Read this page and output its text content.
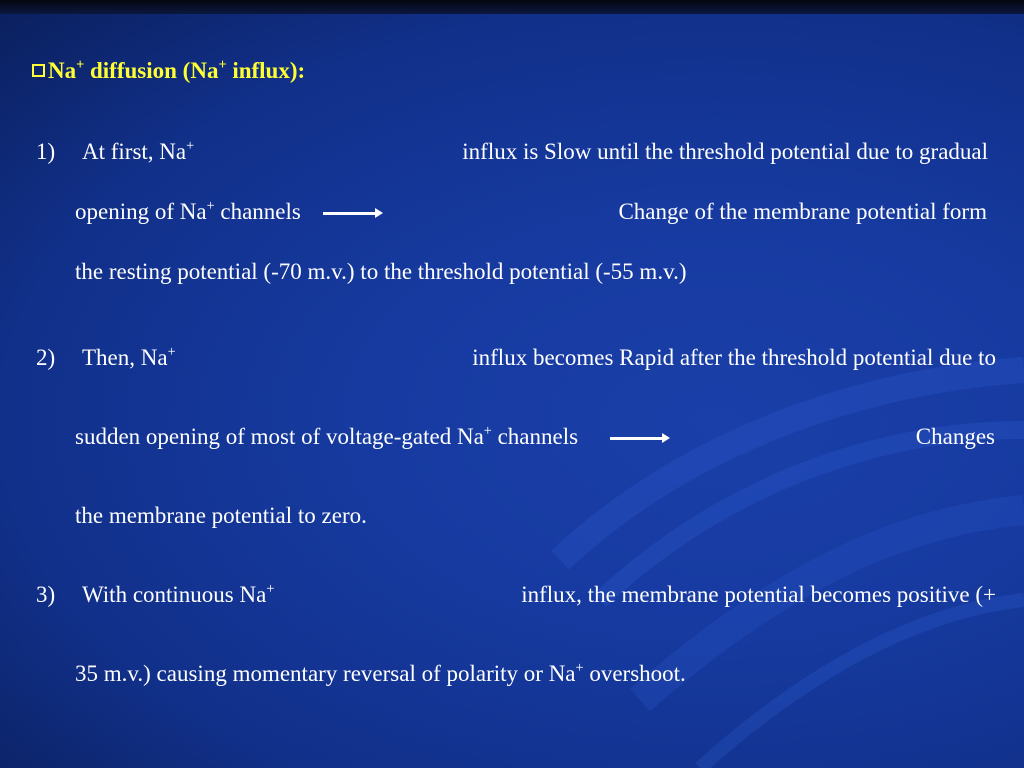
Na+ diffusion (Na+ influx):
1) At first, Na+	influx is Slow until the threshold potential due to gradual
opening of Na+ channels	Change of the membrane potential form
the resting potential (-70 m.v.) to the threshold potential (-55 m.v.)
2) Then, Na+	influx becomes Rapid after the threshold potential due to
sudden opening of most of voltage-gated Na+ channels	Changes
the membrane potential to zero.
3) With continuous Na+	influx, the membrane potential becomes positive (+
35 m.v.) causing momentary reversal of polarity or Na+ overshoot.
